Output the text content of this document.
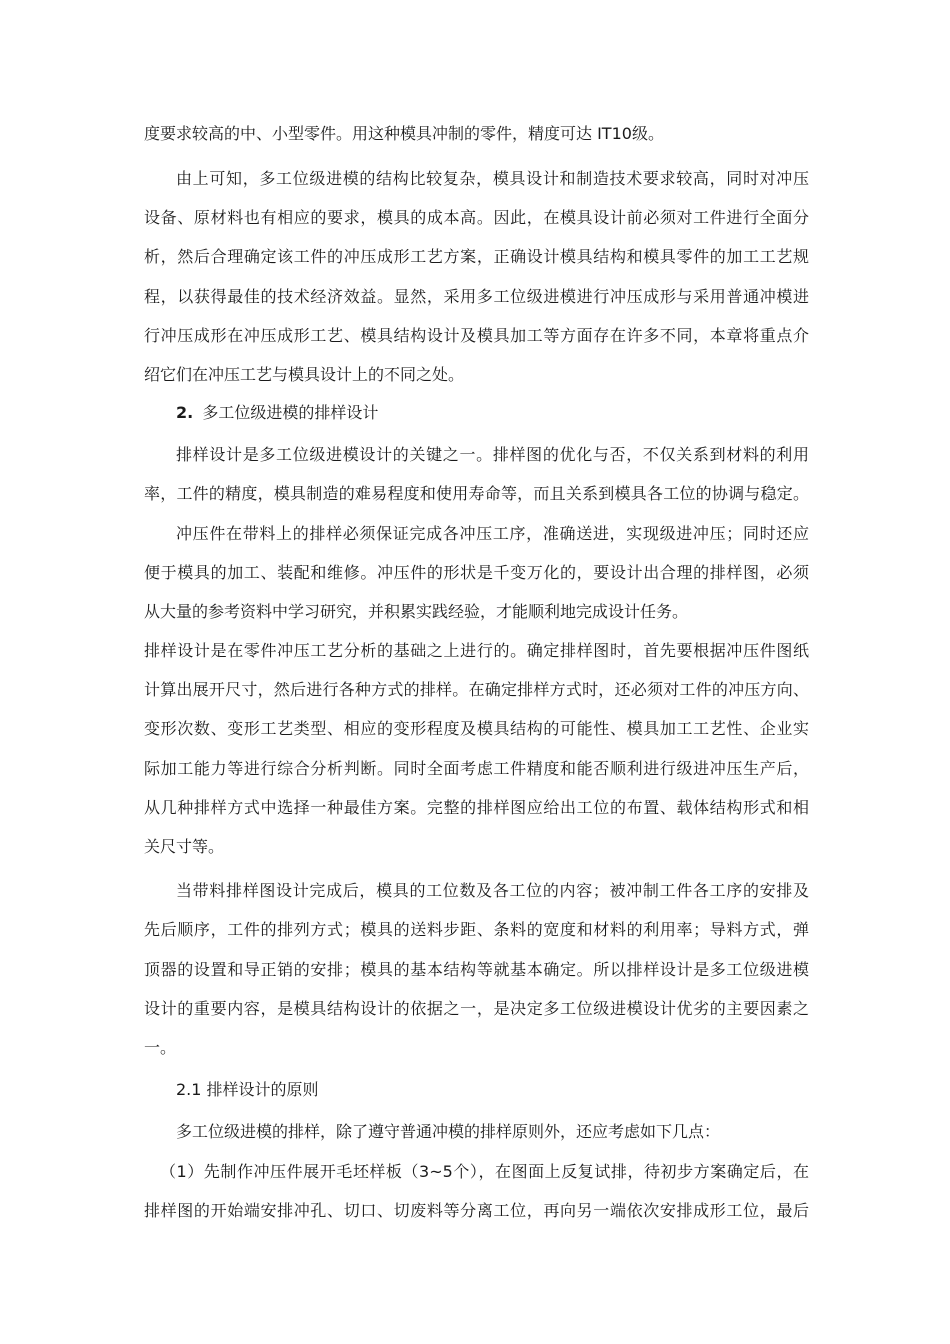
度要求较高的中、小型零件。用这种模具冲制的零件，精度可达 IT10级。
由上可知，多工位级进模的结构比较复杂，模具设计和制造技术要求较高，同时对冲压
设备、原材料也有相应的要求，模具的成本高。因此，在模具设计前必须对工件进行全面分
析，然后合理确定该工件的冲压成形工艺方案，正确设计模具结构和模具零件的加工工艺规
程，以获得最佳的技术经济效益。显然，采用多工位级进模进行冲压成形与采用普通冲模进
行冲压成形在冲压成形工艺、模具结构设计及模具加工等方面存在许多不同，本章将重点介
绍它们在冲压工艺与模具设计上的不同之处。
2. 多工位级进模的排样设计
排样设计是多工位级进模设计的关键之一。排样图的优化与否，不仅关系到材料的利用
率，工件的精度，模具制造的难易程度和使用寿命等，而且关系到模具各工位的协调与稳定。
冲压件在带料上的排样必须保证完成各冲压工序，准确送进，实现级进冲压；同时还应
便于模具的加工、装配和维修。冲压件的形状是千变万化的，要设计出合理的排样图，必须
从大量的参考资料中学习研究，并积累实践经验，才能顺利地完成设计任务。
排样设计是在零件冲压工艺分析的基础之上进行的。确定排样图时，首先要根据冲压件图纸
计算出展开尺寸，然后进行各种方式的排样。在确定排样方式时，还必须对工件的冲压方向、
变形次数、变形工艺类型、相应的变形程度及模具结构的可能性、模具加工工艺性、企业实
际加工能力等进行综合分析判断。同时全面考虑工件精度和能否顺利进行级进冲压生产后，
从几种排样方式中选择一种最佳方案。完整的排样图应给出工位的布置、载体结构形式和相
关尺寸等。
当带料排样图设计完成后，模具的工位数及各工位的内容；被冲制工件各工序的安排及
先后顺序，工件的排列方式；模具的送料步距、条料的宽度和材料的利用率；导料方式，弹
顶器的设置和导正销的安排；模具的基本结构等就基本确定。所以排样设计是多工位级进模
设计的重要内容，是模具结构设计的依据之一，是决定多工位级进模设计优劣的主要因素之
一。
2.1 排样设计的原则
多工位级进模的排样，除了遵守普通冲模的排样原则外，还应考虑如下几点：
（1）先制作冲压件展开毛坯样板（3~5个），在图面上反复试排，待初步方案确定后，在
排样图的开始端安排冲孔、切口、切废料等分离工位，再向另一端依次安排成形工位，最后
